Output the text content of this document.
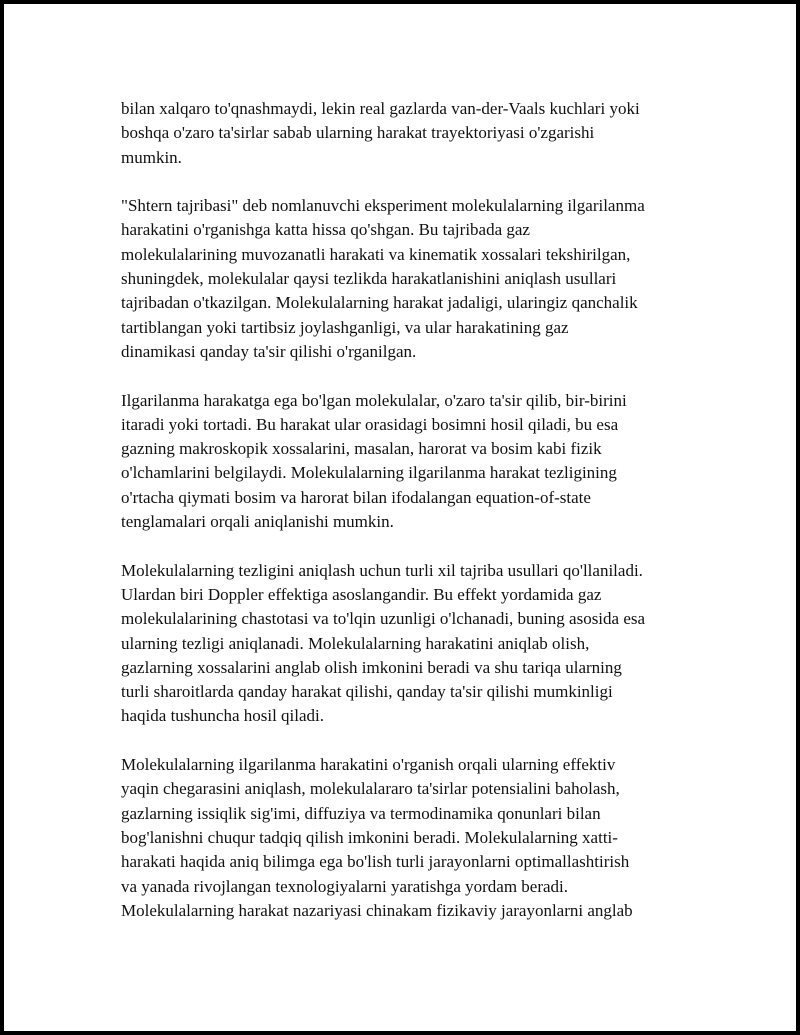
bilan xalqaro to'qnashmaydi, lekin real gazlarda van-der-Vaals kuchlari yoki
boshqa o'zaro ta'sirlar sabab ularning harakat trayektoriyasi o'zgarishi
mumkin.

"Shtern tajribasi" deb nomlanuvchi eksperiment molekulalarning ilgarilanma
harakatini o'rganishga katta hissa qo'shgan. Bu tajribada gaz
molekulalarining muvozanatli harakati va kinematik xossalari tekshirilgan,
shuningdek, molekulalar qaysi tezlikda harakatlanishini aniqlash usullari
tajribadan o'tkazilgan. Molekulalarning harakat jadaligi, ularingiz qanchalik
tartiblangan yoki tartibsiz joylashganligi, va ular harakatining gaz
dinamikasi qanday ta'sir qilishi o'rganilgan.

Ilgarilanma harakatga ega bo'lgan molekulalar, o'zaro ta'sir qilib, bir-birini
itaradi yoki tortadi. Bu harakat ular orasidagi bosimni hosil qiladi, bu esa
gazning makroskopik xossalarini, masalan, harorat va bosim kabi fizik
o'lchamlarini belgilaydi. Molekulalarning ilgarilanma harakat tezligining
o'rtacha qiymati bosim va harorat bilan ifodalangan equation-of-state
tenglamalari orqali aniqlanishi mumkin.

Molekulalarning tezligini aniqlash uchun turli xil tajriba usullari qo'llaniladi.
Ulardan biri Doppler effektiga asoslangandir. Bu effekt yordamida gaz
molekulalarining chastotasi va to'lqin uzunligi o'lchanadi, buning asosida esa
ularning tezligi aniqlanadi. Molekulalarning harakatini aniqlab olish,
gazlarning xossalarini anglab olish imkonini beradi va shu tariqa ularning
turli sharoitlarda qanday harakat qilishi, qanday ta'sir qilishi mumkinligi
haqida tushuncha hosil qiladi.

Molekulalarning ilgarilanma harakatini o'rganish orqali ularning effektiv
yaqin chegarasini aniqlash, molekulalararo ta'sirlar potensialini baholash,
gazlarning issiqlik sig'imi, diffuziya va termodinamika qonunlari bilan
bog'lanishni chuqur tadqiq qilish imkonini beradi. Molekulalarning xatti-
harakati haqida aniq bilimga ega bo'lish turli jarayonlarni optimallashtirish
va yanada rivojlangan texnologiyalarni yaratishga yordam beradi.
Molekulalarning harakat nazariyasi chinakam fizikaviy jarayonlarni anglab
